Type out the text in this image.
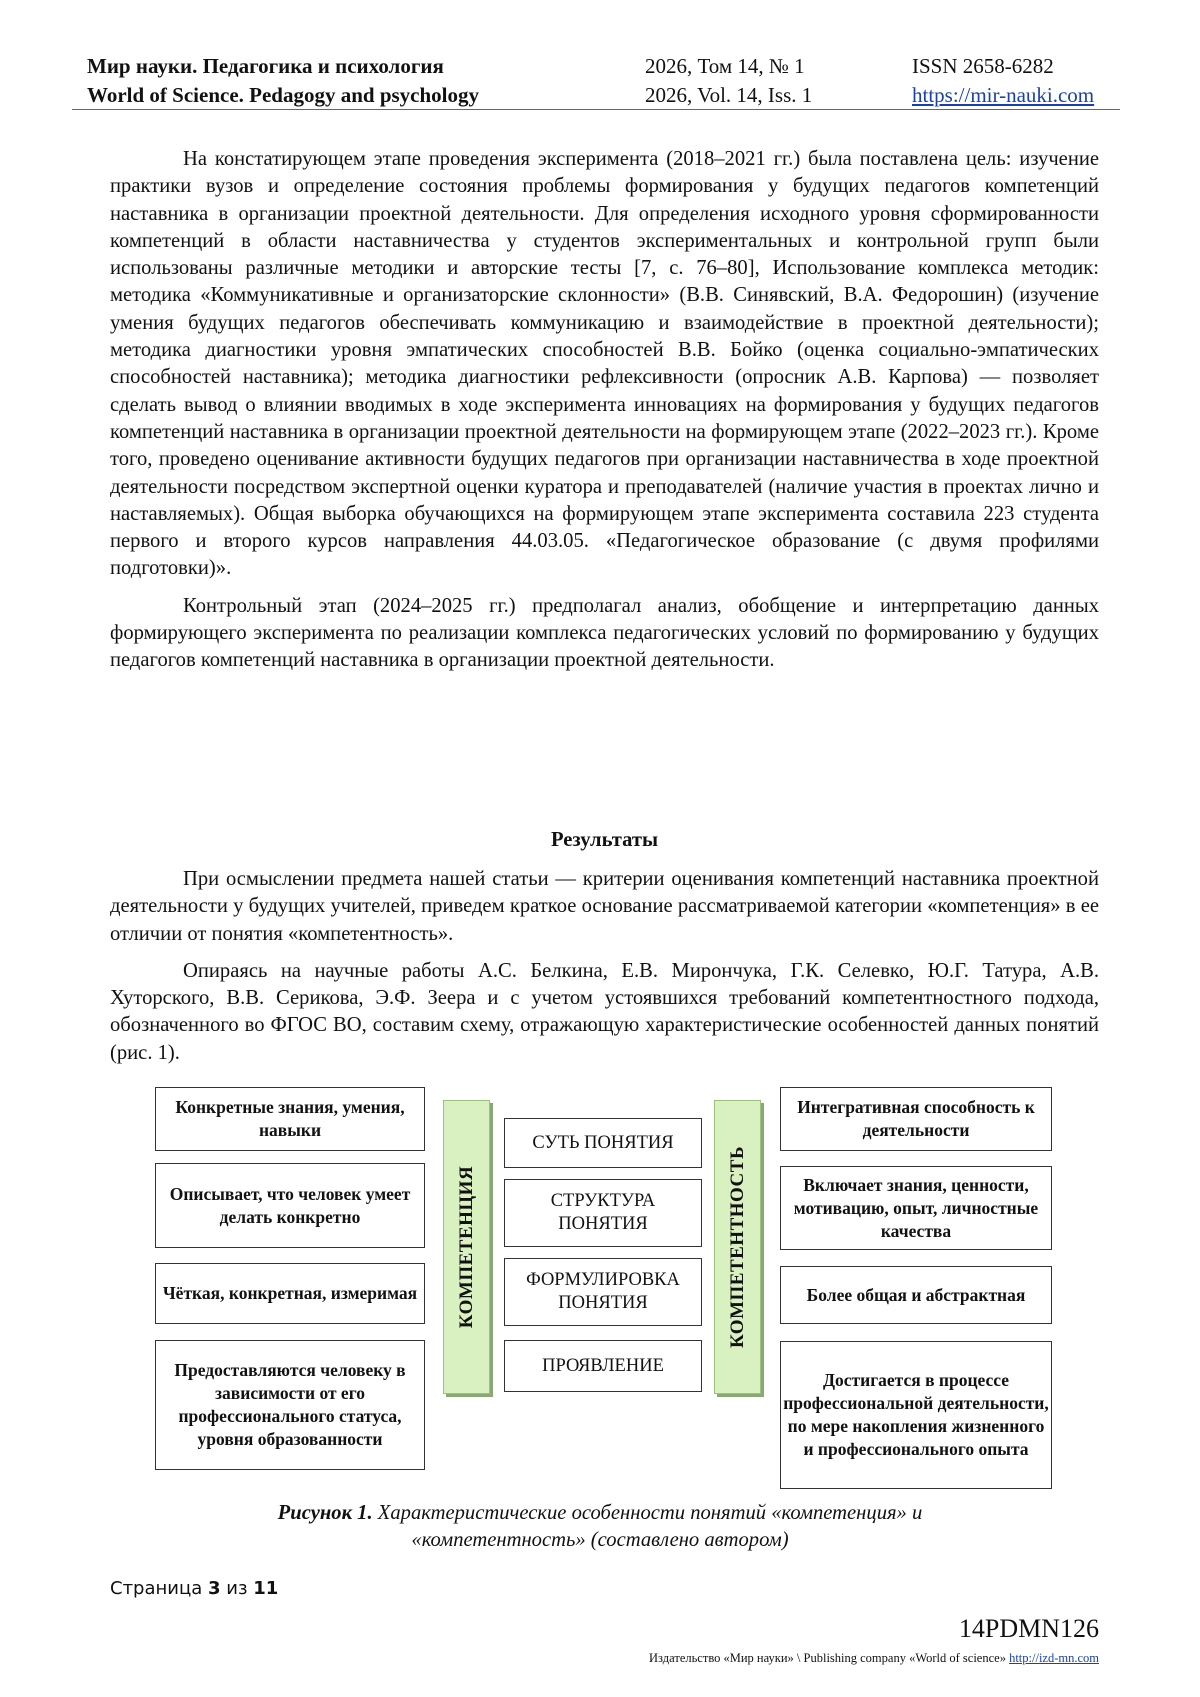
Мир науки. Педагогика и психология	2026, Том 14, № 1	ISSN 2658-6282
World of Science. Pedagogy and psychology	2026, Vol. 14, Iss. 1	https://mir-nauki.com

На констатирующем этапе проведения эксперимента (2018–2021 гг.) была поставлена цель: изучение практики вузов и определение состояния проблемы формирования у будущих педагогов компетенций наставника в организации проектной деятельности. Для определения исходного уровня сформированности компетенций в области наставничества у студентов экспериментальных и контрольной групп были использованы различные методики и авторские тесты [7, с. 76–80], Использование комплекса методик: методика «Коммуникативные и организаторские склонности» (В.В. Синявский, В.А. Федорошин) (изучение умения будущих педагогов обеспечивать коммуникацию и взаимодействие в проектной деятельности); методика диагностики уровня эмпатических способностей В.В. Бойко (оценка социально-эмпатических способностей наставника); методика диагностики рефлексивности (опросник А.В. Карпова) — позволяет сделать вывод о влиянии вводимых в ходе эксперимента инновациях на формирования у будущих педагогов компетенций наставника в организации проектной деятельности на формирующем этапе (2022–2023 гг.). Кроме того, проведено оценивание активности будущих педагогов при организации наставничества в ходе проектной деятельности посредством экспертной оценки куратора и преподавателей (наличие участия в проектах лично и наставляемых). Общая выборка обучающихся на формирующем этапе эксперимента составила 223 студента первого и второго курсов направления 44.03.05. «Педагогическое образование (с двумя профилями подготовки)».

Контрольный этап (2024–2025 гг.) предполагал анализ, обобщение и интерпретацию данных формирующего эксперимента по реализации комплекса педагогических условий по формированию у будущих педагогов компетенций наставника в организации проектной деятельности.

Результаты

При осмыслении предмета нашей статьи — критерии оценивания компетенций наставника проектной деятельности у будущих учителей, приведем краткое основание рассматриваемой категории «компетенция» в ее отличии от понятия «компетентность».

Опираясь на научные работы А.С. Белкина, Е.В. Мирончука, Г.К. Селевко, Ю.Г. Татура, А.В. Хуторского, В.В. Серикова, Э.Ф. Зеера и с учетом устоявшихся требований компетентностного подхода, обозначенного во ФГОС ВО, составим схему, отражающую характеристические особенностей данных понятий (рис. 1).

Конкретные знания, умения, навыки
Описывает, что человек умеет делать конкретно
Чёткая, конкретная, измеримая
Предоставляются человеку в зависимости от его профессионального статуса, уровня образованности
КОМПЕТЕНЦИЯ
СУТЬ ПОНЯТИЯ
СТРУКТУРА ПОНЯТИЯ
ФОРМУЛИРОВКА ПОНЯТИЯ
ПРОЯВЛЕНИЕ
КОМПЕТЕНТНОСТЬ
Интегративная способность к деятельности
Включает знания, ценности, мотивацию, опыт, личностные качества
Более общая и абстрактная
Достигается в процессе профессиональной деятельности, по мере накопления жизненного и профессионального опыта
Рисунок 1. Характеристические особенности понятий «компетенция» и «компетентность» (составлено автором)
Страница 3 из 11
14PDMN126
Издательство «Мир науки» \ Publishing company «World of science» http://izd-mn.com
